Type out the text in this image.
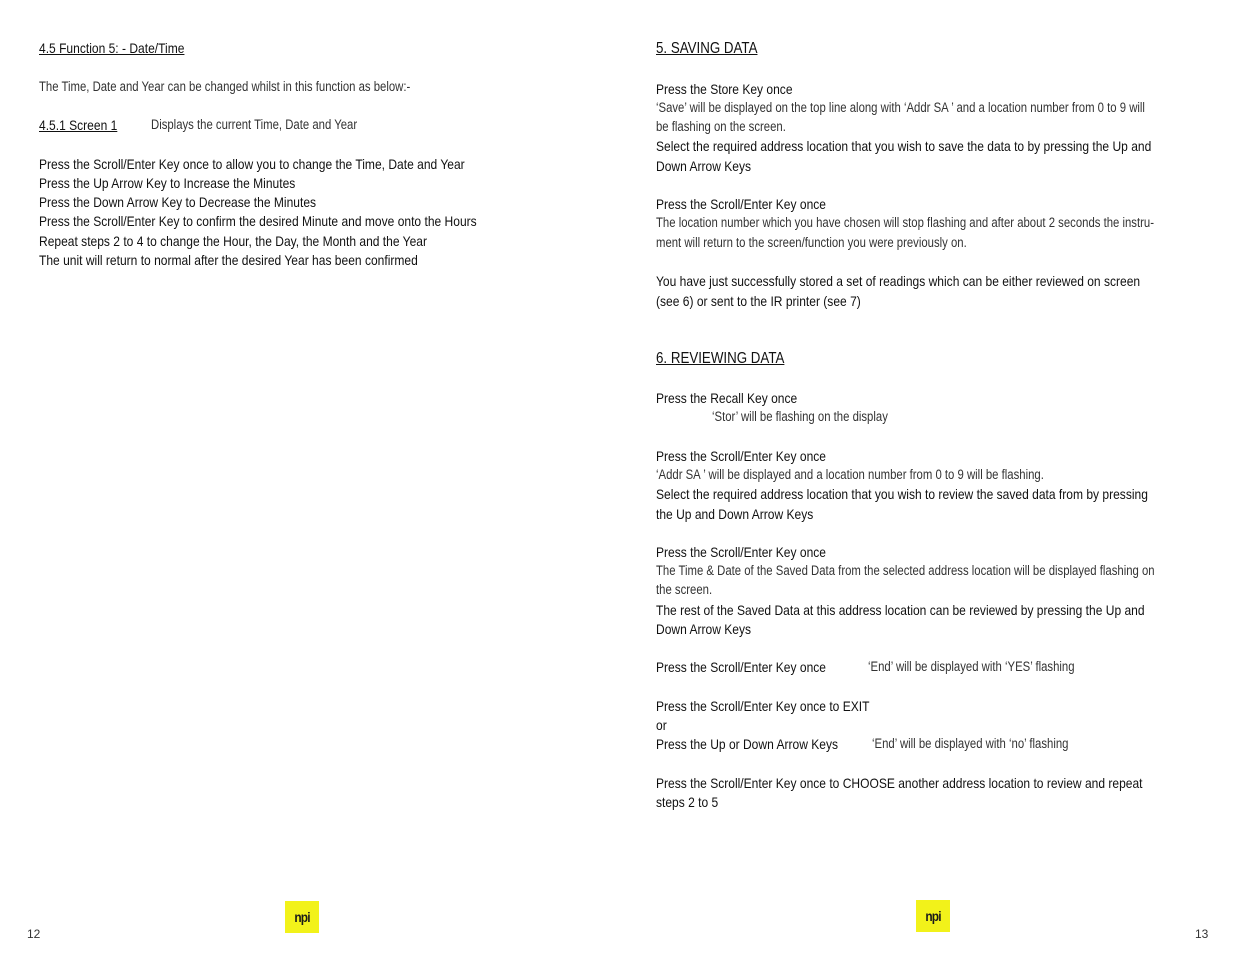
4.5 Function 5: - Date/Time
The Time, Date and Year can be changed whilst in this function as below:-
4.5.1 Screen 1 Displays the current Time, Date and Year
Press the Scroll/Enter Key once to allow you to change the Time, Date and Year
Press the Up Arrow Key to Increase the Minutes
Press the Down Arrow Key to Decrease the Minutes
Press the Scroll/Enter Key to confirm the desired Minute and move onto the Hours
Repeat steps 2 to 4 to change the Hour, the Day, the Month and the Year
The unit will return to normal after the desired Year has been confirmed
12
npi
5. SAVING DATA
Press the Store Key once
‘Save’ will be displayed on the top line along with ‘Addr SA ’ and a location number from 0 to 9 will
be flashing on the screen.
Select the required address location that you wish to save the data to by pressing the Up and
Down Arrow Keys
Press the Scroll/Enter Key once
The location number which you have chosen will stop flashing and after about 2 seconds the instru-
ment will return to the screen/function you were previously on.
You have just successfully stored a set of readings which can be either reviewed on screen
(see 6) or sent to the IR printer (see 7)
6. REVIEWING DATA
Press the Recall Key once
‘Stor’ will be flashing on the display
Press the Scroll/Enter Key once
‘Addr SA ’ will be displayed and a location number from 0 to 9 will be flashing.
Select the required address location that you wish to review the saved data from by pressing
the Up and Down Arrow Keys
Press the Scroll/Enter Key once
The Time & Date of the Saved Data from the selected address location will be displayed flashing on
the screen.
The rest of the Saved Data at this address location can be reviewed by pressing the Up and
Down Arrow Keys
Press the Scroll/Enter Key once	‘End’ will be displayed with ‘YES’ flashing
Press the Scroll/Enter Key once to EXIT
or
Press the Up or Down Arrow Keys	‘End’ will be displayed with ‘no’ flashing
Press the Scroll/Enter Key once to CHOOSE another address location to review and repeat
steps 2 to 5
npi
13
